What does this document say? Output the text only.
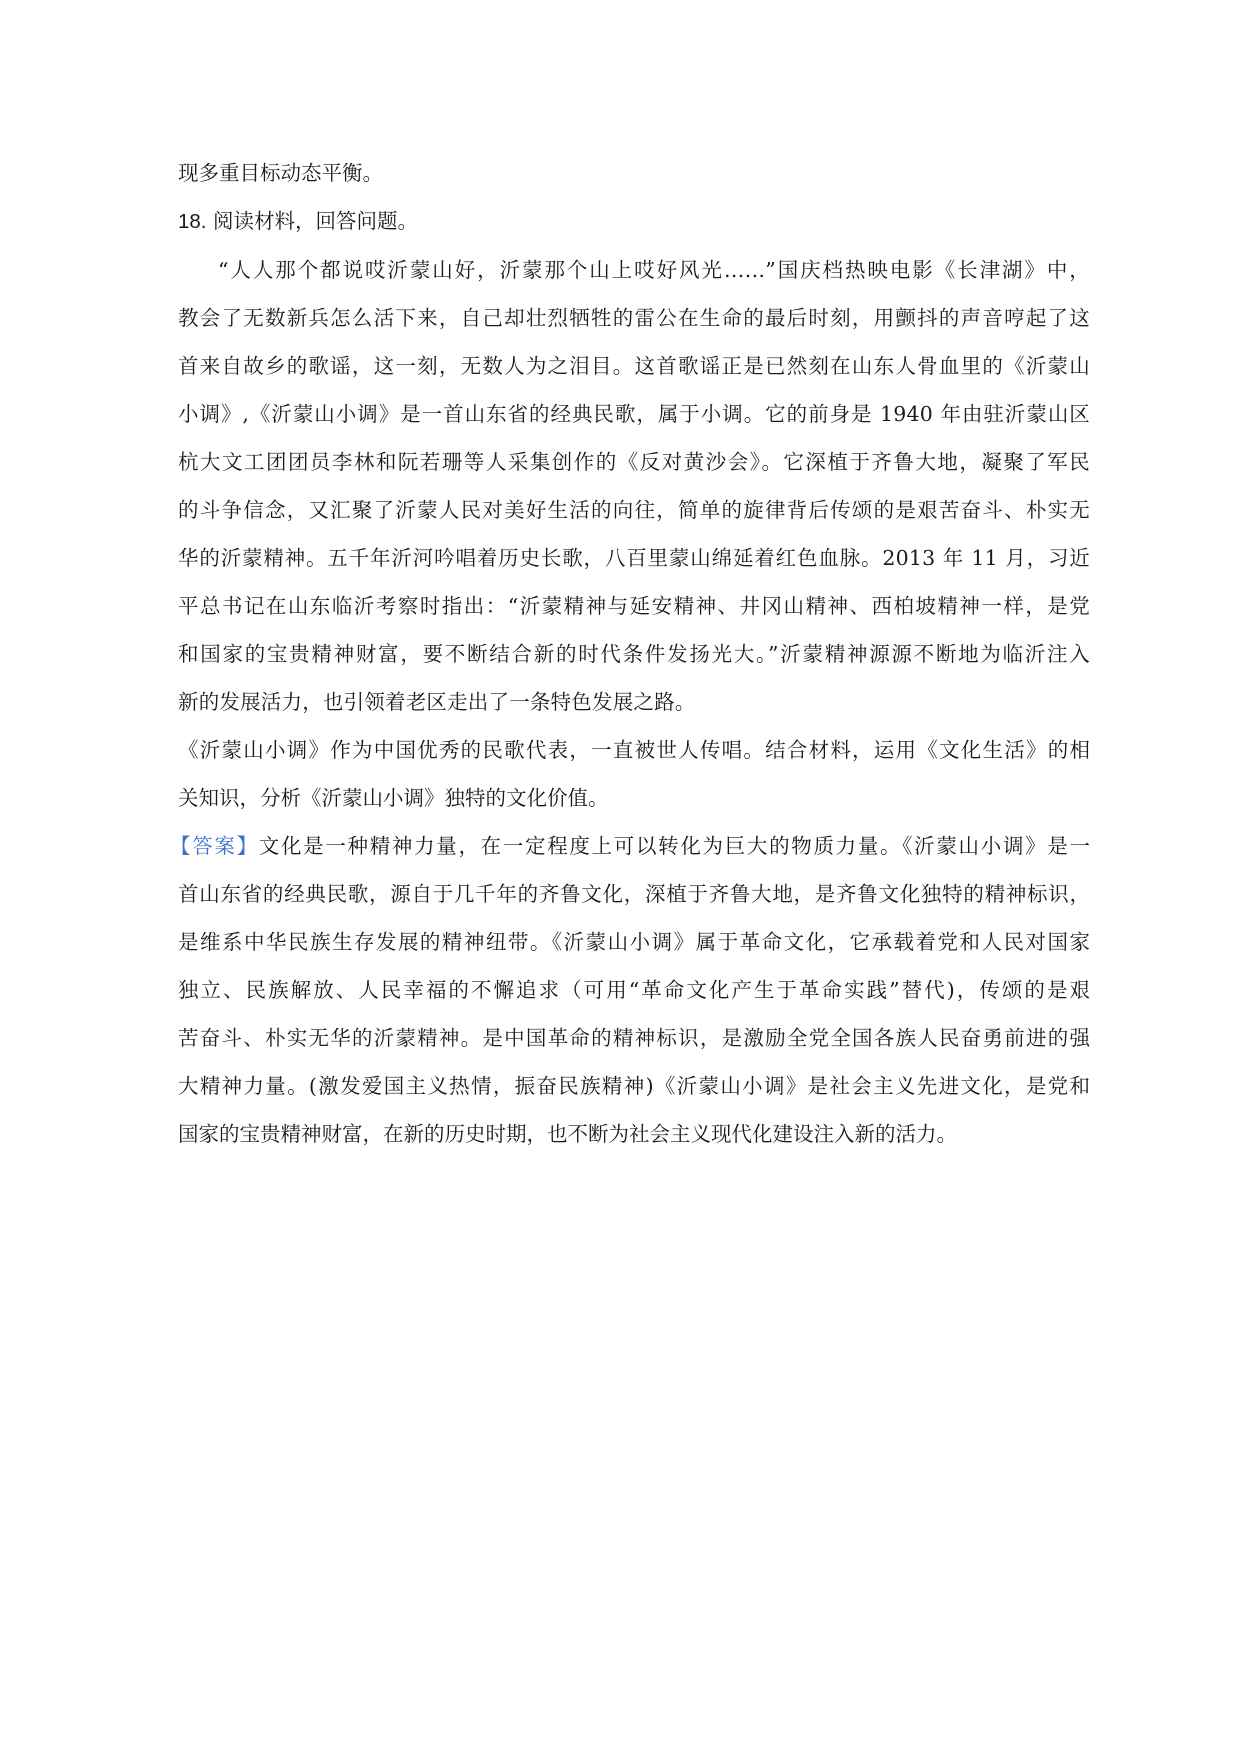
现多重目标动态平衡。
18. 阅读材料，回答问题。
“人人那个都说哎沂蒙山好，沂蒙那个山上哎好风光……”国庆档热映电影《长津湖》中，
教会了无数新兵怎么活下来，自己却壮烈牺牲的雷公在生命的最后时刻，用颤抖的声音哼起了这
首来自故乡的歌谣，这一刻，无数人为之泪目。这首歌谣正是已然刻在山东人骨血里的《沂蒙山
小调》,《沂蒙山小调》是一首山东省的经典民歌，属于小调。它的前身是 1940 年由驻沂蒙山区
杭大文工团团员李林和阮若珊等人采集创作的《反对黄沙会》。它深植于齐鲁大地，凝聚了军民
的斗争信念，又汇聚了沂蒙人民对美好生活的向往，简单的旋律背后传颂的是艰苦奋斗、朴实无
华的沂蒙精神。五千年沂河吟唱着历史长歌，八百里蒙山绵延着红色血脉。2013 年 11 月，习近
平总书记在山东临沂考察时指出：“沂蒙精神与延安精神、井冈山精神、西柏坡精神一样，是党
和国家的宝贵精神财富，要不断结合新的时代条件发扬光大。”沂蒙精神源源不断地为临沂注入
新的发展活力，也引领着老区走出了一条特色发展之路。
《沂蒙山小调》作为中国优秀的民歌代表，一直被世人传唱。结合材料，运用《文化生活》的相
关知识，分析《沂蒙山小调》独特的文化价值。
【答案】文化是一种精神力量，在一定程度上可以转化为巨大的物质力量。《沂蒙山小调》是一
首山东省的经典民歌，源自于几千年的齐鲁文化，深植于齐鲁大地，是齐鲁文化独特的精神标识，
是维系中华民族生存发展的精神纽带。《沂蒙山小调》属于革命文化，它承载着党和人民对国家
独立、民族解放、人民幸福的不懈追求（可用“革命文化产生于革命实践”替代)，传颂的是艰
苦奋斗、朴实无华的沂蒙精神。是中国革命的精神标识，是激励全党全国各族人民奋勇前进的强
大精神力量。(激发爱国主义热情，振奋民族精神)《沂蒙山小调》是社会主义先进文化，是党和
国家的宝贵精神财富，在新的历史时期，也不断为社会主义现代化建设注入新的活力。
